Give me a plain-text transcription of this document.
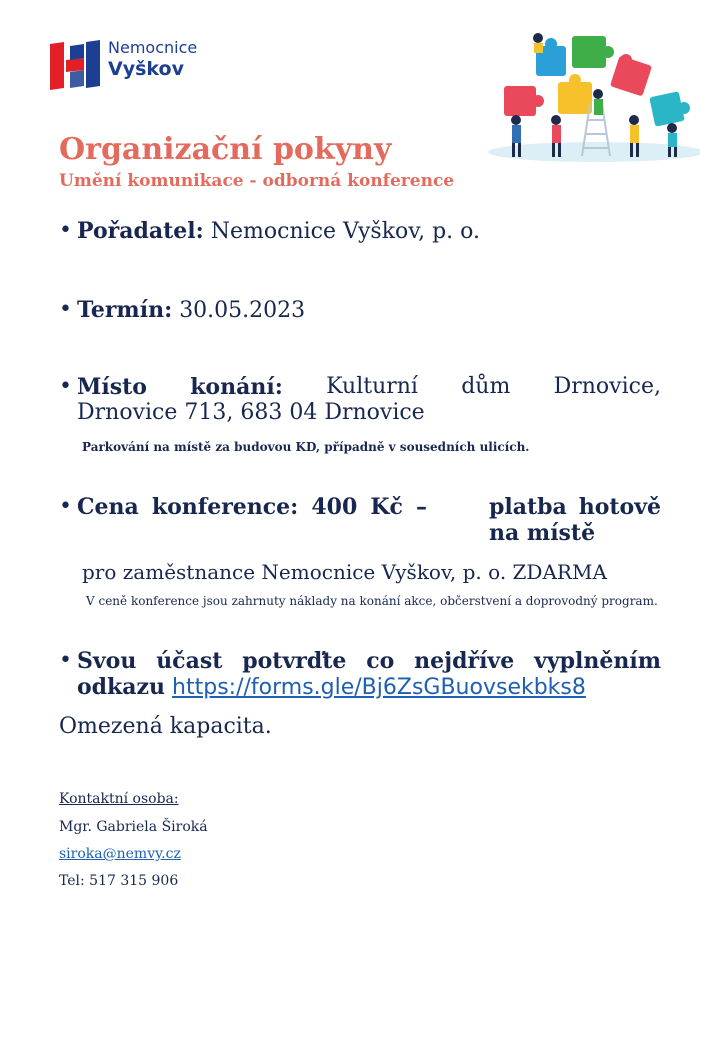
Nemocnice
Vyškov
Organizační pokyny
Umění komunikace - odborná konference
• Pořadatel: Nemocnice Vyškov, p. o.
• Termín: 30.05.2023
• Místo konání: Kulturní dům Drnovice,
Drnovice 713, 683 04 Drnovice
Parkování na místě za budovou KD, případně v sousedních ulicích.
• Cena konference: 400 Kč –	platba hotově
na místě
pro zaměstnance Nemocnice Vyškov, p. o. ZDARMA
V ceně konference jsou zahrnuty náklady na konání akce, občerstvení a doprovodný program.
• Svou účast potvrďte co nejdříve vyplněním
odkazu https://forms.gle/Bj6ZsGBuovsekbks8
Omezená kapacita.
Kontaktní osoba:
Mgr. Gabriela Široká
siroka@nemvy.cz
Tel: 517 315 906
